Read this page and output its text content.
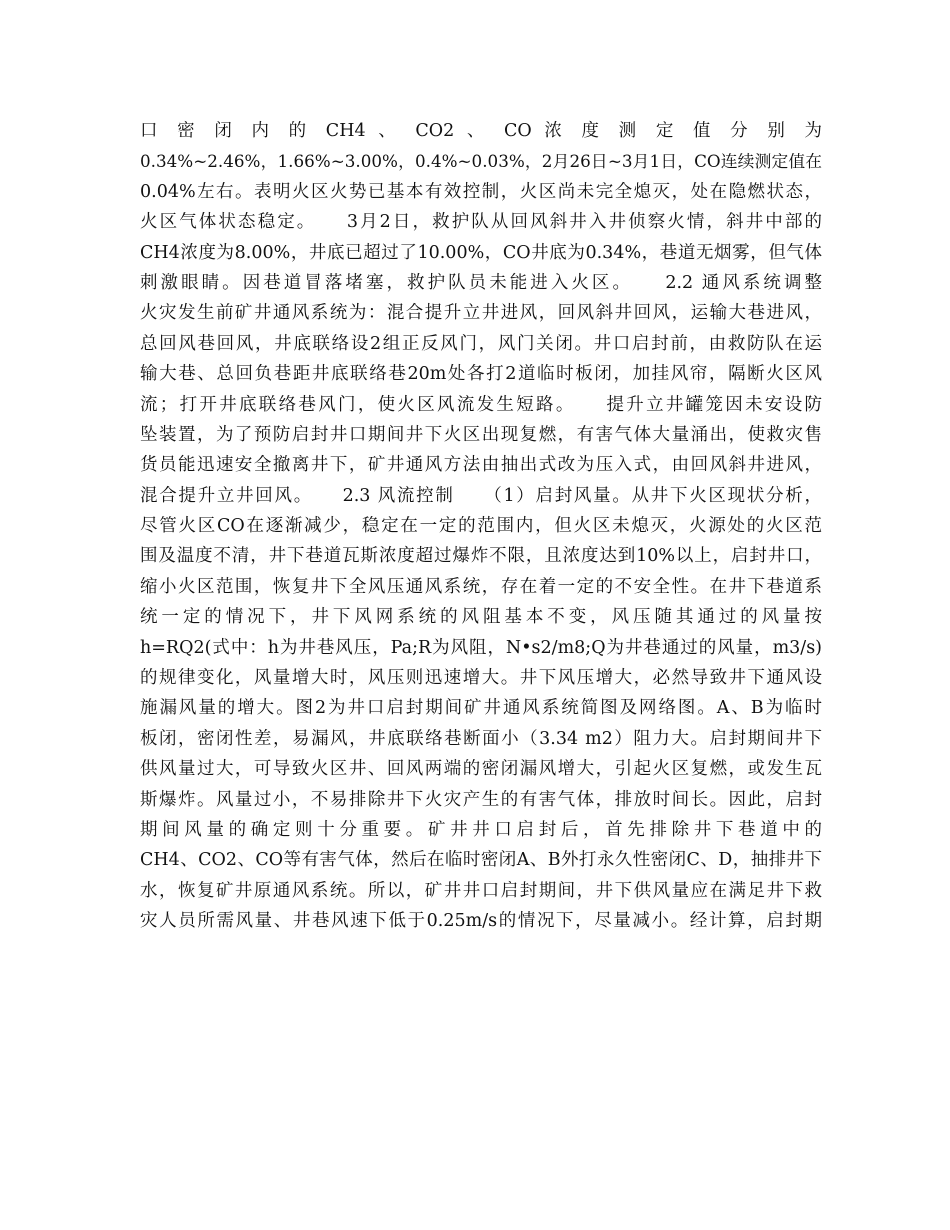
口 密 闭 内 的 CH4 、 CO2 、 CO 浓 度 测 定 值 分 别 为
0.34%~2.46%，1.66%~3.00%，0.4%~0.03%，2月26日~3月1日，CO连续测定值在
0.04%左右。表明火区火势已基本有效控制，火区尚未完全熄灭，处在隐燃状态，
火区气体状态稳定。　　3月2日，救护队从回风斜井入井侦察火情，斜井中部的
CH4浓度为8.00%，井底已超过了10.00%，CO井底为0.34%，巷道无烟雾，但气体
刺激眼睛。因巷道冒落堵塞，救护队员未能进入火区。　　2.2 通风系统调整
火灾发生前矿井通风系统为：混合提升立井进风，回风斜井回风，运输大巷进风，
总回风巷回风，井底联络设2组正反风门，风门关闭。井口启封前，由救防队在运
输大巷、总回负巷距井底联络巷20m处各打2道临时板闭，加挂风帘，隔断火区风
流；打开井底联络巷风门，使火区风流发生短路。　　提升立井罐笼因未安设防
坠装置，为了预防启封井口期间井下火区出现复燃，有害气体大量涌出，使救灾售
货员能迅速安全撤离井下，矿井通风方法由抽出式改为压入式，由回风斜井进风，
混合提升立井回风。　　2.3 风流控制　　（1）启封风量。从井下火区现状分析，
尽管火区CO在逐渐减少，稳定在一定的范围内，但火区未熄灭，火源处的火区范
围及温度不清，井下巷道瓦斯浓度超过爆炸不限，且浓度达到10%以上，启封井口，
缩小火区范围，恢复井下全风压通风系统，存在着一定的不安全性。在井下巷道系
统一定的情况下，井下风网系统的风阻基本不变，风压随其通过的风量按
h=RQ2(式中：h为井巷风压，Pa;R为风阻，N•s2/m8;Q为井巷通过的风量，m3/s)
的规律变化，风量增大时，风压则迅速增大。井下风压增大，必然导致井下通风设
施漏风量的增大。图2为井口启封期间矿井通风系统简图及网络图。A、B为临时
板闭，密闭性差，易漏风，井底联络巷断面小（3.34 m2）阻力大。启封期间井下
供风量过大，可导致火区井、回风两端的密闭漏风增大，引起火区复燃，或发生瓦
斯爆炸。风量过小，不易排除井下火灾产生的有害气体，排放时间长。因此，启封
期间风量的确定则十分重要。矿井井口启封后，首先排除井下巷道中的
CH4、CO2、CO等有害气体，然后在临时密闭A、B外打永久性密闭C、D，抽排井下
水，恢复矿井原通风系统。所以，矿井井口启封期间，井下供风量应在满足井下救
灾人员所需风量、井巷风速下低于0.25m/s的情况下，尽量减小。经计算，启封期
